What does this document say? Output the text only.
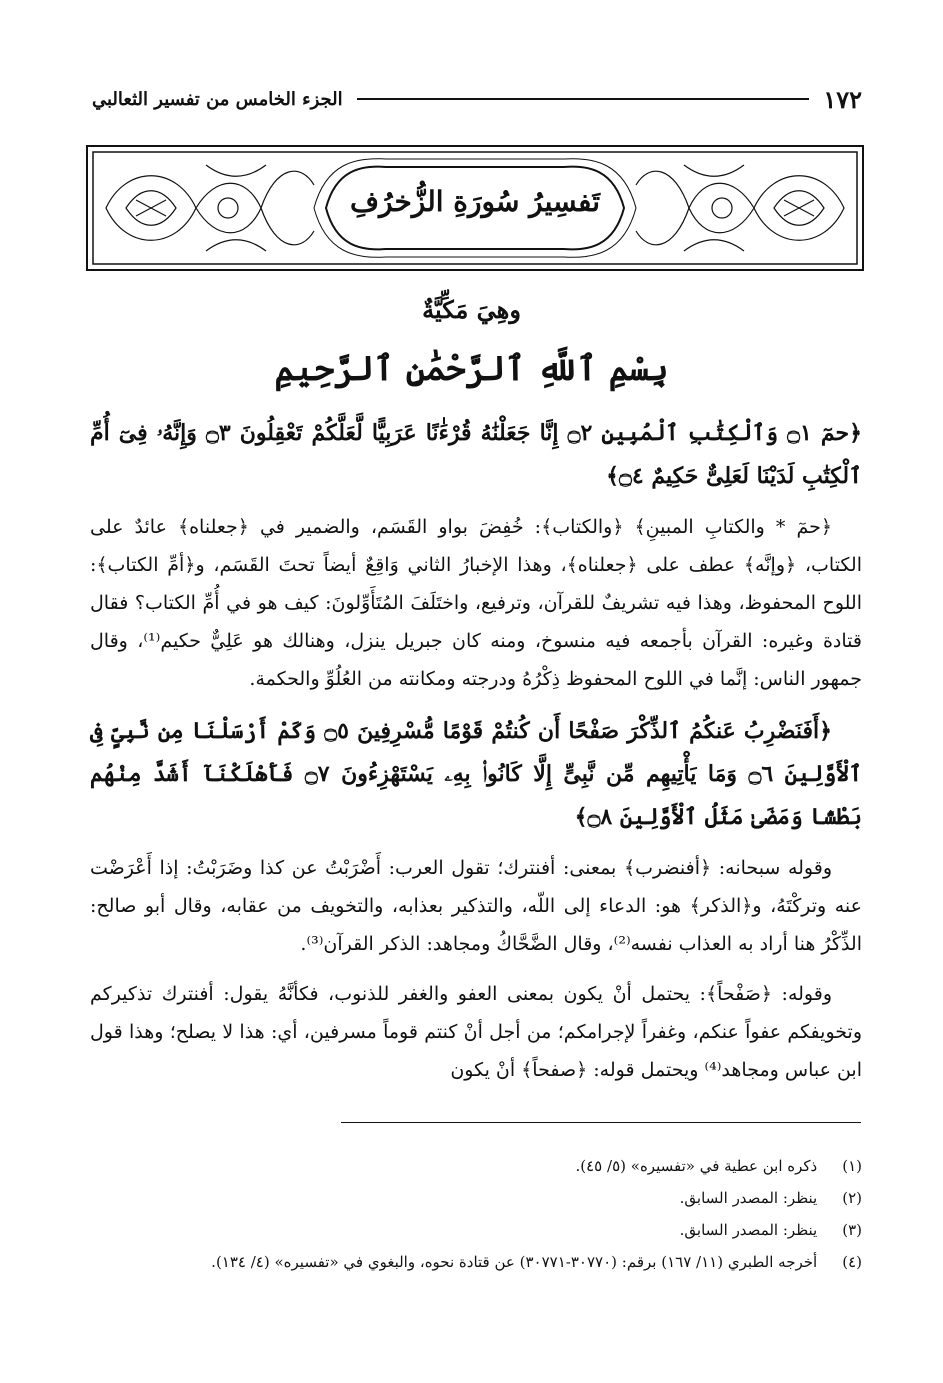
١٧٢
الجزء الخامس من تفسير الثعالبي
تَفسِيرُ سُورَةِ الزُّخرُفِ
وهِيَ مَكِّيَّةٌ
بِسْمِ ٱللَّهِ ٱلرَّحْمَٰنِ ٱلرَّحِيمِ

﴿حمٓ ۝١ وَٱلْكِتَٰبِ ٱلْمُبِينِ ۝٢ إِنَّا جَعَلْنَٰهُ قُرْءَٰنًا عَرَبِيًّا لَّعَلَّكُمْ تَعْقِلُونَ ۝٣ وَإِنَّهُۥ فِىٓ أُمِّ ٱلْكِتَٰبِ لَدَيْنَا لَعَلِىٌّ حَكِيمٌ ۝٤﴾

﴿حمٓ * والكتابِ المبينِ﴾ ﴿والكتاب﴾: خُفِضَ بواو القَسَم، والضمير في ﴿جعلناه﴾ عائدٌ على الكتاب، ﴿وإنَّه﴾ عطف على ﴿جعلناه﴾، وهذا الإخبارُ الثاني وَاقِعٌ أيضاً تحتَ القَسَم، و﴿أمِّ الكتاب﴾: اللوح المحفوظ، وهذا فيه تشريفٌ للقرآن، وترفيع، واختَلَفَ المُتَأَوِّلونَ: كيف هو في أُمِّ الكتاب؟ فقال قتادة وغيره: القرآن بأجمعه فيه منسوخ، ومنه كان جبريل ينزل، وهنالك هو عَلِيٌّ حكيم⁽¹⁾، وقال جمهور الناس: إنَّما في اللوح المحفوظ ذِكْرُهُ ودرجته ومكانته من العُلُوِّ والحكمة.

﴿أَفَنَضْرِبُ عَنكُمُ ٱلذِّكْرَ صَفْحًا أَن كُنتُمْ قَوْمًا مُّسْرِفِينَ ۝٥ وَكَمْ أَرْسَلْنَا مِن نَّبِىٍّ فِى ٱلْأَوَّلِينَ ۝٦ وَمَا يَأْتِيهِم مِّن نَّبِىٍّ إِلَّا كَانُوا۟ بِهِۦ يَسْتَهْزِءُونَ ۝٧ فَأَهْلَكْنَآ أَشَدَّ مِنْهُم بَطْشًا وَمَضَىٰ مَثَلُ ٱلْأَوَّلِينَ ۝٨﴾

وقوله سبحانه: ﴿أفنضرب﴾ بمعنى: أفنترك؛ تقول العرب: أَضْرَبْتُ عن كذا وضَرَبْتُ: إذا أَعْرَضْت عنه وتركْتَهُ، و﴿الذكر﴾ هو: الدعاء إلى اللّه، والتذكير بعذابه، والتخويف من عقابه، وقال أبو صالح: الذِّكْرُ هنا أراد به العذاب نفسه⁽²⁾، وقال الضَّحَّاكُ ومجاهد: الذكر القرآن⁽³⁾.

وقوله: ﴿صَفْحاً﴾: يحتمل أنْ يكون بمعنى العفو والغفر للذنوب، فكأنَّهُ يقول: أفنترك تذكيركم وتخويفكم عفواً عنكم، وغفراً لإجرامكم؛ من أجل أنْ كنتم قوماً مسرفين، أي: هذا لا يصلح؛ وهذا قول ابن عباس ومجاهد⁽⁴⁾ ويحتمل قوله: ﴿صفحاً﴾ أنْ يكون

(١) ذكره ابن عطية في «تفسيره» (٥/ ٤٥).
(٢) ينظر: المصدر السابق.
(٣) ينظر: المصدر السابق.
(٤) أخرجه الطبري (١١/ ١٦٧) برقم: (٣٠٧٧٠-٣٠٧٧١) عن قتادة نحوه، والبغوي في «تفسيره» (٤/ ١٣٤).
